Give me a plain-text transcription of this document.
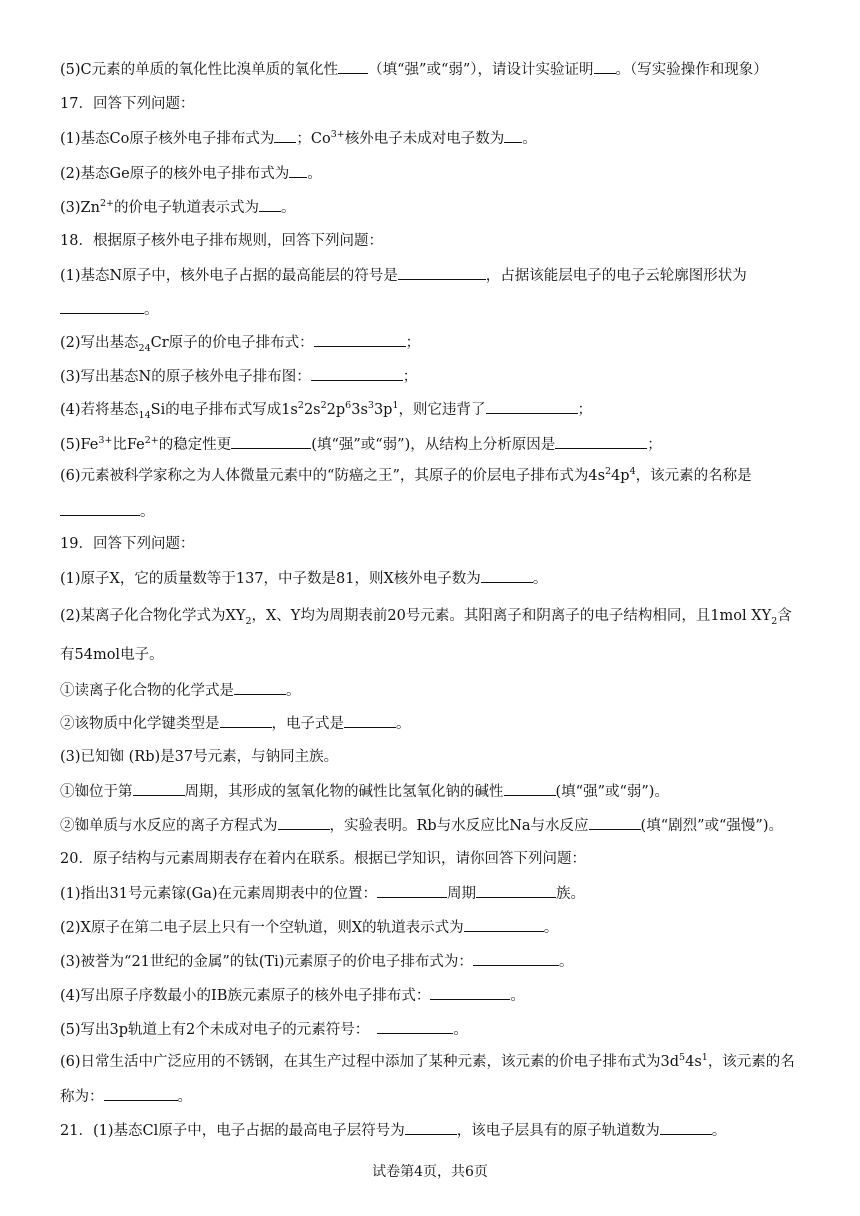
(5)C元素的单质的氧化性比溴单质的氧化性 （填“强”或“弱”），请设计实验证明 。（写实验操作和现象）
17．回答下列问题：
(1)基态Co原子核外电子排布式为 ；$Co^{3+}$核外电子未成对电子数为 。
(2)基态Ge原子的核外电子排布式为 。
$(3)Zn^{2+}$的价电子轨道表示式为 。
18．根据原子核外电子排布规则，回答下列问题：
(1)基态N原子中，核外电子占据的最高能层的符号是	，占据该能层电子的电子云轮廓图形状为
。
(2)写出基态$_{24}$Cr原子的价电子排布式：	；
(3)写出基态N的原子核外电子排布图：	；
(4)若将基态$_{14}$Si的电子排布式写成$1s^22s^22p^63s^33p^1$，则它违背了	；
$(5)Fe^{3+}$比$Fe^{2+}$的稳定性更	(填“强”或“弱”)，从结构上分析原因是	；
(6)元素被科学家称之为人体微量元素中的“防癌之王”，其原子的价层电子排布式为$4s^24p^4$，该元素的名称是
。
19．回答下列问题：
(1)原子X，它的质量数等于137，中子数是81，则X核外电子数为	。
(2)某离子化合物化学式为$XY_2$，X、Y均为周期表前20号元素。其阳离子和阴离子的电子结构相同，且1mol $XY_2$含
有54mol电子。
①读离子化合物的化学式是	。
②该物质中化学键类型是	，电子式是	。
(3)已知铷 (Rb)是37号元素，与钠同主族。
①铷位于第	周期，其形成的氢氧化物的碱性比氢氧化钠的碱性	(填“强”或“弱”)。
②铷单质与水反应的离子方程式为	，实验表明。Rb与水反应比Na与水反应	(填“剧烈”或“强慢”)。
20．原子结构与元素周期表存在着内在联系。根据已学知识，请你回答下列问题：
(1)指出31号元素镓(Ga)在元素周期表中的位置：	周期	族。
(2)X原子在第二电子层上只有一个空轨道，则X的轨道表示式为	。
(3)被誉为“21世纪的金属”的钛(Ti)元素原子的价电子排布式为：	。
(4)写出原子序数最小的IB族元素原子的核外电子排布式：	。
(5)写出3p轨道上有2个未成对电子的元素符号：	。
(6)日常生活中广泛应用的不锈钢，在其生产过程中添加了某种元素，该元素的价电子排布式为$3d^54s^1$，该元素的名
称为：	。
21．(1)基态Cl原子中，电子占据的最高电子层符号为	，该电子层具有的原子轨道数为	。
试卷第4页，共6页
